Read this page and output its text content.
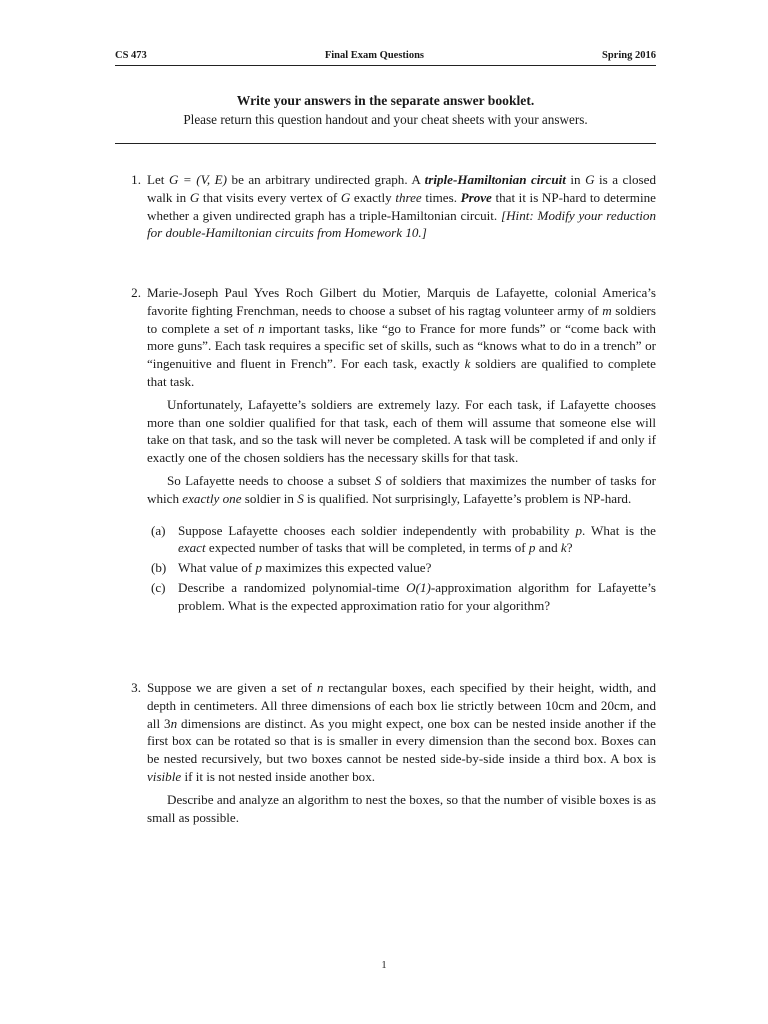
CS 473	Final Exam Questions	Spring 2016
Write your answers in the separate answer booklet.
Please return this question handout and your cheat sheets with your answers.
1. Let G = (V, E) be an arbitrary undirected graph. A triple-Hamiltonian circuit in G is a closed walk in G that visits every vertex of G exactly three times. Prove that it is NP-hard to determine whether a given undirected graph has a triple-Hamiltonian circuit. [Hint: Modify your reduction for double-Hamiltonian circuits from Homework 10.]

2. Marie-Joseph Paul Yves Roch Gilbert du Motier, Marquis de Lafayette, colonial America’s favorite fighting Frenchman, needs to choose a subset of his ragtag volunteer army of m soldiers to complete a set of n important tasks, like “go to France for more funds” or “come back with more guns”. Each task requires a specific set of skills, such as “knows what to do in a trench” or “ingenuitive and fluent in French”. For each task, exactly k soldiers are qualified to complete that task.

Unfortunately, Lafayette’s soldiers are extremely lazy. For each task, if Lafayette chooses more than one soldier qualified for that task, each of them will assume that someone else will take on that task, and so the task will never be completed. A task will be completed if and only if exactly one of the chosen soldiers has the necessary skills for that task.

So Lafayette needs to choose a subset S of soldiers that maximizes the number of tasks for which exactly one soldier in S is qualified. Not surprisingly, Lafayette’s problem is NP-hard.

(a) Suppose Lafayette chooses each soldier independently with probability p. What is the exact expected number of tasks that will be completed, in terms of p and k?
(b) What value of p maximizes this expected value?
(c) Describe a randomized polynomial-time O(1)-approximation algorithm for Lafayette’s problem. What is the expected approximation ratio for your algorithm?
3. Suppose we are given a set of n rectangular boxes, each specified by their height, width, and depth in centimeters. All three dimensions of each box lie strictly between 10cm and 20cm, and all 3n dimensions are distinct. As you might expect, one box can be nested inside another if the first box can be rotated so that is is smaller in every dimension than the second box. Boxes can be nested recursively, but two boxes cannot be nested side-by-side inside a third box. A box is visible if it is not nested inside another box.

Describe and analyze an algorithm to nest the boxes, so that the number of visible boxes is as small as possible.

1
